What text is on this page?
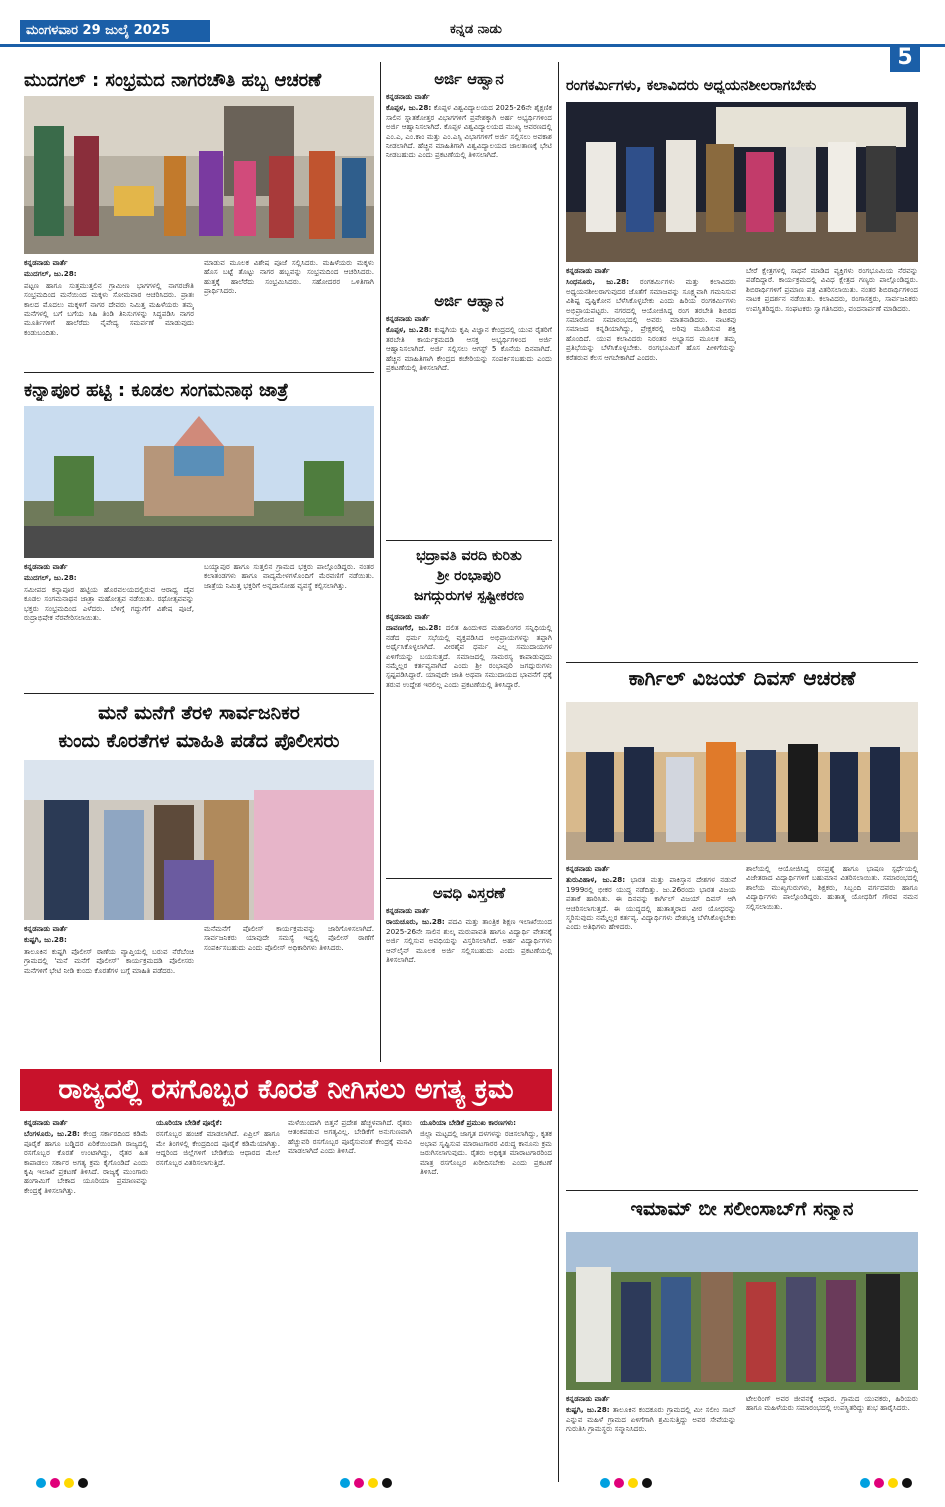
ಮಂಗಳವಾರ 29 ಜುಲೈ 2025	ಕನ್ನಡ ನಾಡು
5
ಮುದಗಲ್ : ಸಂಭ್ರಮದ ನಾಗರಚೌತಿ ಹಬ್ಬ ಆಚರಣೆ

ಕನ್ನಡನಾಡು ವಾರ್ತೆ

ಮುದಗಲ್, ಜು.28:

ಪಟ್ಟಣ ಹಾಗೂ ಸುತ್ತಮುತ್ತಲಿನ ಗ್ರಾಮೀಣ ಭಾಗಗಳಲ್ಲಿ ನಾಗರಚೌತಿ ಸಂಭ್ರಮದಿಂದ ಮನೆಯಿಂದ ಮಕ್ಕಳು ಸೋಮವಾರ ಆಚರಿಸಿದರು. ಪ್ರಾತಃ ಕಾಲದ ಮೊದಲು ಮಕ್ಕಳಿಗೆ ನಾಗರ ದೇವರು ನಿಮಿತ್ತ ಮಹಿಳೆಯರು ತಮ್ಮ ಮನೆಗಳಲ್ಲಿ ಬಗೆ ಬಗೆಯ ಸಿಹಿ ತಿಂಡಿ ತಿನಿಸುಗಳನ್ನು ಸಿದ್ಧಪಡಿಸಿ ನಾಗರ ಮೂರ್ತಿಗಳಿಗೆ ಹಾಲೆರೆದು ನೈವೇದ್ಯ ಸಮರ್ಪಣೆ ಮಾಡುವುದು ಕಂಡುಬಂದಿತು.

ಮಾಡುವ ಮೂಲಕ ವಿಶೇಷ ಪೂಜೆ ಸಲ್ಲಿಸಿದರು. ಮಹಿಳೆಯರು ಮಕ್ಕಳು ಹೊಸ ಬಟ್ಟೆ ತೊಟ್ಟು ನಾಗರ ಹಬ್ಬವನ್ನು ಸಂಭ್ರಮದಿಂದ ಆಚರಿಸಿದರು. ಹುತ್ತಕ್ಕೆ ಹಾಲೆರೆದು ಸಂಭ್ರಮಿಸಿದರು. ಸಹೋದರರ ಒಳಿತಿಗಾಗಿ ಪ್ರಾರ್ಥಿಸಿದರು.

ಕನ್ನಾಪೂರ ಹಟ್ಟಿ : ಕೂಡಲ ಸಂಗಮನಾಥ ಜಾತ್ರೆ

ಕನ್ನಡನಾಡು ವಾರ್ತೆ

ಮುದಗಲ್, ಜು.28:

ಸಮೀಪದ ಕನ್ನಾಪೂರ ಹಟ್ಟಿಯ ಹೊರವಲಯದಲ್ಲಿರುವ ಆರಾಧ್ಯ ದೈವ ಕೂಡಲ ಸಂಗಮನಾಥನ ಜಾತ್ರಾ ಮಹೋತ್ಸವ ನಡೆಯಿತು. ರಥೋತ್ಸವವನ್ನು ಭಕ್ತರು ಸಂಭ್ರಮದಿಂದ ಎಳೆದರು. ಬೆಳಿಗ್ಗೆ ಗದ್ದುಗೆಗೆ ವಿಶೇಷ ಪೂಜೆ, ರುದ್ರಾಭಿಷೇಕ ನೆರವೇರಿಸಲಾಯಿತು.

ಬಯ್ಯಾಪುರ ಹಾಗೂ ಸುತ್ತಲಿನ ಗ್ರಾಮದ ಭಕ್ತರು ಪಾಲ್ಗೊಂಡಿದ್ದರು. ನಂತರ ಕಲಾತಂಡಗಳು ಹಾಗೂ ವಾದ್ಯಮೇಳಗಳೊಂದಿಗೆ ಮೆರವಣಿಗೆ ನಡೆಯಿತು. ಜಾತ್ರೆಯ ನಿಮಿತ್ತ ಭಕ್ತರಿಗೆ ಅನ್ನದಾಸೋಹ ವ್ಯವಸ್ಥೆ ಕಲ್ಪಿಸಲಾಗಿತ್ತು.

ಮನೆ ಮನೆಗೆ ತೆರಳಿ ಸಾರ್ವಜನಿಕರ
ಕುಂದು ಕೊರತೆಗಳ ಮಾಹಿತಿ ಪಡೆದ ಪೊಲೀಸರು

ಕನ್ನಡನಾಡು ವಾರ್ತೆ

ಕುಷ್ಟಗಿ, ಜು.28:

ತಾಲೂಕಿನ ಕುಷ್ಟಗಿ ಪೊಲೀಸ್ ಠಾಣೆಯ ವ್ಯಾಪ್ತಿಯಲ್ಲಿ ಬರುವ ನೆರೆಬೆಂಚಿ ಗ್ರಾಮದಲ್ಲಿ 'ಮನೆ ಮನೆಗೆ ಪೊಲೀಸ್' ಕಾರ್ಯಕ್ರಮದಡಿ ಪೊಲೀಸರು ಮನೆಗಳಿಗೆ ಭೇಟಿ ನೀಡಿ ಕುಂದು ಕೊರತೆಗಳ ಬಗ್ಗೆ ಮಾಹಿತಿ ಪಡೆದರು.

ಮನೆಮನೆಗೆ ಪೊಲೀಸ್ ಕಾರ್ಯಕ್ರಮವನ್ನು ಜಾರಿಗೊಳಿಸಲಾಗಿದೆ. ಸಾರ್ವಜನಿಕರು ಯಾವುದೇ ಸಮಸ್ಯೆ ಇದ್ದಲ್ಲಿ ಪೊಲೀಸ್ ಠಾಣೆಗೆ ಸಂಪರ್ಕಿಸಬಹುದು ಎಂದು ಪೊಲೀಸ್ ಅಧಿಕಾರಿಗಳು ತಿಳಿಸಿದರು.

ಅರ್ಜಿ ಆಹ್ವಾನ

ಕನ್ನಡನಾಡು ವಾರ್ತೆ

ಕೊಪ್ಪಳ, ಜು.28: ಕೊಪ್ಪಳ ವಿಶ್ವವಿದ್ಯಾಲಯದ 2025-26ನೇ ಶೈಕ್ಷಣಿಕ ಸಾಲಿನ ಸ್ನಾತಕೋತ್ತರ ವಿಭಾಗಗಳಿಗೆ ಪ್ರವೇಶಕ್ಕಾಗಿ ಅರ್ಹ ಅಭ್ಯರ್ಥಿಗಳಿಂದ ಅರ್ಜಿ ಆಹ್ವಾನಿಸಲಾಗಿದೆ. ಕೊಪ್ಪಳ ವಿಶ್ವವಿದ್ಯಾಲಯದ ಮುಖ್ಯ ಆವರಣದಲ್ಲಿ ಎಂ.ಎ, ಎಂ.ಕಾಂ ಮತ್ತು ಎಂ.ಎಸ್ಸಿ ವಿಭಾಗಗಳಿಗೆ ಅರ್ಜಿ ಸಲ್ಲಿಸಲು ಅವಕಾಶ ನೀಡಲಾಗಿದೆ. ಹೆಚ್ಚಿನ ಮಾಹಿತಿಗಾಗಿ ವಿಶ್ವವಿದ್ಯಾಲಯದ ಜಾಲತಾಣಕ್ಕೆ ಭೇಟಿ ನೀಡಬಹುದು ಎಂದು ಪ್ರಕಟಣೆಯಲ್ಲಿ ತಿಳಿಸಲಾಗಿದೆ.

ಅರ್ಜಿ ಆಹ್ವಾನ

ಕನ್ನಡನಾಡು ವಾರ್ತೆ

ಕೊಪ್ಪಳ, ಜು.28: ಕುಷ್ಟಗಿಯ ಕೃಷಿ ವಿಜ್ಞಾನ ಕೇಂದ್ರದಲ್ಲಿ ಯುವ ರೈತರಿಗೆ ತರಬೇತಿ ಕಾರ್ಯಕ್ರಮದಡಿ ಆಸಕ್ತ ಅಭ್ಯರ್ಥಿಗಳಿಂದ ಅರ್ಜಿ ಆಹ್ವಾನಿಸಲಾಗಿದೆ. ಅರ್ಜಿ ಸಲ್ಲಿಸಲು ಆಗಸ್ಟ್ 5 ಕೊನೆಯ ದಿನವಾಗಿದೆ. ಹೆಚ್ಚಿನ ಮಾಹಿತಿಗಾಗಿ ಕೇಂದ್ರದ ಕಚೇರಿಯನ್ನು ಸಂಪರ್ಕಿಸಬಹುದು ಎಂದು ಪ್ರಕಟಣೆಯಲ್ಲಿ ತಿಳಿಸಲಾಗಿದೆ.

ಭದ್ರಾವತಿ ವರದಿ ಕುರಿತು
ಶ್ರೀ ರಂಭಾಪುರಿ
ಜಗದ್ಗುರುಗಳ ಸ್ಪಷ್ಟೀಕರಣ

ಕನ್ನಡನಾಡು ವಾರ್ತೆ

ದಾವಣಗೆರೆ, ಜು.28: ದಲಿತ ಹಿಂದುಳಿದ ಮಹಾಲಿಂಗರ ಸನ್ನಿಧಿಯಲ್ಲಿ ನಡೆದ ಧರ್ಮ ಸಭೆಯಲ್ಲಿ ವ್ಯಕ್ತಪಡಿಸಿದ ಅಭಿಪ್ರಾಯಗಳನ್ನು ತಪ್ಪಾಗಿ ಅರ್ಥೈಸಿಕೊಳ್ಳಲಾಗಿದೆ. ವೀರಶೈವ ಧರ್ಮ ಎಲ್ಲ ಸಮುದಾಯಗಳ ಏಳಿಗೆಯನ್ನು ಬಯಸುತ್ತದೆ. ಸಮಾಜದಲ್ಲಿ ಸಾಮರಸ್ಯ ಕಾಪಾಡುವುದು ನಮ್ಮೆಲ್ಲರ ಕರ್ತವ್ಯವಾಗಿದೆ ಎಂದು ಶ್ರೀ ರಂಭಾಪುರಿ ಜಗದ್ಗುರುಗಳು ಸ್ಪಷ್ಟಪಡಿಸಿದ್ದಾರೆ. ಯಾವುದೇ ಜಾತಿ ಅಥವಾ ಸಮುದಾಯದ ಭಾವನೆಗೆ ಧಕ್ಕೆ ತರುವ ಉದ್ದೇಶ ಇರಲಿಲ್ಲ ಎಂದು ಪ್ರಕಟಣೆಯಲ್ಲಿ ತಿಳಿಸಿದ್ದಾರೆ.

ಅವಧಿ ವಿಸ್ತರಣೆ

ಕನ್ನಡನಾಡು ವಾರ್ತೆ

ರಾಯಚೂರು, ಜು.28: ಪದವಿ ಮತ್ತು ತಾಂತ್ರಿಕ ಶಿಕ್ಷಣ ಇಲಾಖೆಯಿಂದ 2025-26ನೇ ಸಾಲಿನ ಶುಲ್ಕ ಮರುಪಾವತಿ ಹಾಗೂ ವಿದ್ಯಾರ್ಥಿ ವೇತನಕ್ಕೆ ಅರ್ಜಿ ಸಲ್ಲಿಸುವ ಅವಧಿಯನ್ನು ವಿಸ್ತರಿಸಲಾಗಿದೆ. ಅರ್ಹ ವಿದ್ಯಾರ್ಥಿಗಳು ಆನ್‌ಲೈನ್ ಮೂಲಕ ಅರ್ಜಿ ಸಲ್ಲಿಸಬಹುದು ಎಂದು ಪ್ರಕಟಣೆಯಲ್ಲಿ ತಿಳಿಸಲಾಗಿದೆ.

ರಂಗಕರ್ಮಿಗಳು, ಕಲಾವಿದರು ಅಧ್ಯಯನಶೀಲರಾಗಬೇಕು

ಕನ್ನಡನಾಡು ವಾರ್ತೆ

ಸಿಂಧನೂರು, ಜು.28: ರಂಗಕರ್ಮಿಗಳು ಮತ್ತು ಕಲಾವಿದರು ಅಧ್ಯಯನಶೀಲರಾಗುವುದರ ಜೊತೆಗೆ ಸಮಾಜವನ್ನು ಸೂಕ್ಷ್ಮವಾಗಿ ಗಮನಿಸುವ ವಿಶಿಷ್ಟ ದೃಷ್ಟಿಕೋನ ಬೆಳೆಸಿಕೊಳ್ಳಬೇಕು ಎಂದು ಹಿರಿಯ ರಂಗಕರ್ಮಿಗಳು ಅಭಿಪ್ರಾಯಪಟ್ಟರು. ನಗರದಲ್ಲಿ ಆಯೋಜಿಸಿದ್ದ ರಂಗ ತರಬೇತಿ ಶಿಬಿರದ ಸಮಾರೋಪ ಸಮಾರಂಭದಲ್ಲಿ ಅವರು ಮಾತನಾಡಿದರು. ನಾಟಕವು ಸಮಾಜದ ಕನ್ನಡಿಯಾಗಿದ್ದು, ಪ್ರೇಕ್ಷಕರಲ್ಲಿ ಅರಿವು ಮೂಡಿಸುವ ಶಕ್ತಿ ಹೊಂದಿದೆ. ಯುವ ಕಲಾವಿದರು ನಿರಂತರ ಅಭ್ಯಾಸದ ಮೂಲಕ ತಮ್ಮ ಪ್ರತಿಭೆಯನ್ನು ಬೆಳೆಸಿಕೊಳ್ಳಬೇಕು. ರಂಗಭೂಮಿಗೆ ಹೊಸ ಪೀಳಿಗೆಯನ್ನು ಕರೆತರುವ ಕೆಲಸ ಆಗಬೇಕಾಗಿದೆ ಎಂದರು.

ಬೇರೆ ಕ್ಷೇತ್ರಗಳಲ್ಲಿ ಸಾಧನೆ ಮಾಡಿದ ವ್ಯಕ್ತಿಗಳು ರಂಗಭೂಮಿಯ ನೆರವನ್ನು ಪಡೆದಿದ್ದಾರೆ. ಕಾರ್ಯಕ್ರಮದಲ್ಲಿ ವಿವಿಧ ಕ್ಷೇತ್ರದ ಗಣ್ಯರು ಪಾಲ್ಗೊಂಡಿದ್ದರು. ಶಿಬಿರಾರ್ಥಿಗಳಿಗೆ ಪ್ರಮಾಣ ಪತ್ರ ವಿತರಿಸಲಾಯಿತು. ನಂತರ ಶಿಬಿರಾರ್ಥಿಗಳಿಂದ ನಾಟಕ ಪ್ರದರ್ಶನ ನಡೆಯಿತು. ಕಲಾವಿದರು, ರಂಗಾಸಕ್ತರು, ಸಾರ್ವಜನಿಕರು ಉಪಸ್ಥಿತರಿದ್ದರು. ಸಂಘಟಕರು ಸ್ವಾಗತಿಸಿದರು, ವಂದನಾರ್ಪಣೆ ಮಾಡಿದರು.

ಕಾರ್ಗಿಲ್ ವಿಜಯ್ ದಿವಸ್ ಆಚರಣೆ

ಕನ್ನಡನಾಡು ವಾರ್ತೆ

ತುರುವಿಹಾಳ, ಜು.28: ಭಾರತ ಮತ್ತು ಪಾಕಿಸ್ತಾನ ದೇಶಗಳ ನಡುವೆ 1999ರಲ್ಲಿ ಭೀಕರ ಯುದ್ಧ ನಡೆದಿತ್ತು. ಜು.26ರಂದು ಭಾರತ ವಿಜಯ ಪತಾಕೆ ಹಾರಿಸಿತು. ಈ ದಿನವನ್ನು ಕಾರ್ಗಿಲ್ ವಿಜಯ್ ದಿವಸ್ ಆಗಿ ಆಚರಿಸಲಾಗುತ್ತದೆ. ಈ ಯುದ್ಧದಲ್ಲಿ ಹುತಾತ್ಮರಾದ ವೀರ ಯೋಧರನ್ನು ಸ್ಮರಿಸುವುದು ನಮ್ಮೆಲ್ಲರ ಕರ್ತವ್ಯ. ವಿದ್ಯಾರ್ಥಿಗಳು ದೇಶಭಕ್ತಿ ಬೆಳೆಸಿಕೊಳ್ಳಬೇಕು ಎಂದು ಅತಿಥಿಗಳು ಹೇಳಿದರು.

ಶಾಲೆಯಲ್ಲಿ ಆಯೋಜಿಸಿದ್ದ ರಸಪ್ರಶ್ನೆ ಹಾಗೂ ಭಾಷಣ ಸ್ಪರ್ಧೆಯಲ್ಲಿ ವಿಜೇತರಾದ ವಿದ್ಯಾರ್ಥಿಗಳಿಗೆ ಬಹುಮಾನ ವಿತರಿಸಲಾಯಿತು. ಸಮಾರಂಭದಲ್ಲಿ ಶಾಲೆಯ ಮುಖ್ಯಗುರುಗಳು, ಶಿಕ್ಷಕರು, ಸಿಬ್ಬಂದಿ ವರ್ಗದವರು ಹಾಗೂ ವಿದ್ಯಾರ್ಥಿಗಳು ಪಾಲ್ಗೊಂಡಿದ್ದರು. ಹುತಾತ್ಮ ಯೋಧರಿಗೆ ಗೌರವ ನಮನ ಸಲ್ಲಿಸಲಾಯಿತು.

ಇಮಾಮ್ ಬೀ ಸಲೀಂಸಾಬ್‌ಗೆ ಸನ್ಮಾನ

ಕನ್ನಡನಾಡು ವಾರ್ತೆ

ಕುಷ್ಟಗಿ, ಜು.28: ತಾಲೂಕಿನ ಕಂದಕೂರು ಗ್ರಾಮದಲ್ಲಿ ಮೀ ಸಲೀಂ ಸಾಬ್ ಎನ್ನುವ ಮಹಿಳೆ ಗ್ರಾಮದ ಏಳಿಗೆಗಾಗಿ ಶ್ರಮಿಸುತ್ತಿದ್ದು ಅವರ ಸೇವೆಯನ್ನು ಗುರುತಿಸಿ ಗ್ರಾಮಸ್ಥರು ಸನ್ಮಾನಿಸಿದರು.

ಟೇಲರಿಂಗ್ ಅವರ ಜೀವನಕ್ಕೆ ಆಧಾರ. ಗ್ರಾಮದ ಯುವಕರು, ಹಿರಿಯರು ಹಾಗೂ ಮಹಿಳೆಯರು ಸಮಾರಂಭದಲ್ಲಿ ಉಪಸ್ಥಿತರಿದ್ದು ಶುಭ ಹಾರೈಸಿದರು.

ರಾಜ್ಯದಲ್ಲಿ ರಸಗೊಬ್ಬರ ಕೊರತೆ ನೀಗಿಸಲು ಅಗತ್ಯ ಕ್ರಮ

ಕನ್ನಡನಾಡು ವಾರ್ತೆ

ಬೆಂಗಳೂರು, ಜು.28: ಕೇಂದ್ರ ಸರ್ಕಾರದಿಂದ ಕಡಿಮೆ ಪೂರೈಕೆ ಹಾಗೂ ಬಡ್ಡಿದರ ಏರಿಕೆಯಿಂದಾಗಿ ರಾಜ್ಯದಲ್ಲಿ ರಸಗೊಬ್ಬರ ಕೊರತೆ ಉಂಟಾಗಿದ್ದು, ರೈತರ ಹಿತ ಕಾಪಾಡಲು ಸರ್ಕಾರ ಅಗತ್ಯ ಕ್ರಮ ಕೈಗೊಂಡಿದೆ ಎಂದು ಕೃಷಿ ಇಲಾಖೆ ಪ್ರಕಟಣೆ ತಿಳಿಸಿದೆ. ರಾಜ್ಯಕ್ಕೆ ಮುಂಗಾರು ಹಂಗಾಮಿಗೆ ಬೇಕಾದ ಯೂರಿಯಾ ಪ್ರಮಾಣವನ್ನು ಕೇಂದ್ರಕ್ಕೆ ತಿಳಿಸಲಾಗಿತ್ತು.

ಯೂರಿಯಾ ಬೇಡಿಕೆ ಪೂರೈಕೆ:

ರಸಗೊಬ್ಬರ ಹಂಚಿಕೆ ಮಾಡಲಾಗಿದೆ. ಏಪ್ರಿಲ್ ಹಾಗೂ ಮೇ ತಿಂಗಳಲ್ಲಿ ಕೇಂದ್ರದಿಂದ ಪೂರೈಕೆ ಕಡಿಮೆಯಾಗಿತ್ತು. ಆದ್ದರಿಂದ ಜಿಲ್ಲೆಗಳಿಗೆ ಬೇಡಿಕೆಯ ಆಧಾರದ ಮೇಲೆ ರಸಗೊಬ್ಬರ ವಿತರಿಸಲಾಗುತ್ತಿದೆ.

ಮಳೆಯಿಂದಾಗಿ ಬಿತ್ತನೆ ಪ್ರದೇಶ ಹೆಚ್ಚಳವಾಗಿದೆ. ರೈತರು ಆತಂಕಪಡುವ ಅಗತ್ಯವಿಲ್ಲ. ಬೇಡಿಕೆಗೆ ಅನುಗುಣವಾಗಿ ಹೆಚ್ಚುವರಿ ರಸಗೊಬ್ಬರ ಪೂರೈಸುವಂತೆ ಕೇಂದ್ರಕ್ಕೆ ಮನವಿ ಮಾಡಲಾಗಿದೆ ಎಂದು ತಿಳಿಸಿದೆ.

ಯೂರಿಯಾ ಬೇಡಿಕೆ ಪ್ರಮುಖ ಕಾರಣಗಳು:

ಜಿಲ್ಲಾ ಮಟ್ಟದಲ್ಲಿ ಜಾಗೃತ ದಳಗಳನ್ನು ರಚಿಸಲಾಗಿದ್ದು, ಕೃತಕ ಅಭಾವ ಸೃಷ್ಟಿಸುವ ಮಾರಾಟಗಾರರ ವಿರುದ್ಧ ಕಾನೂನು ಕ್ರಮ ಜರುಗಿಸಲಾಗುವುದು. ರೈತರು ಅಧಿಕೃತ ಮಾರಾಟಗಾರರಿಂದ ಮಾತ್ರ ರಸಗೊಬ್ಬರ ಖರೀದಿಸಬೇಕು ಎಂದು ಪ್ರಕಟಣೆ ತಿಳಿಸಿದೆ.
